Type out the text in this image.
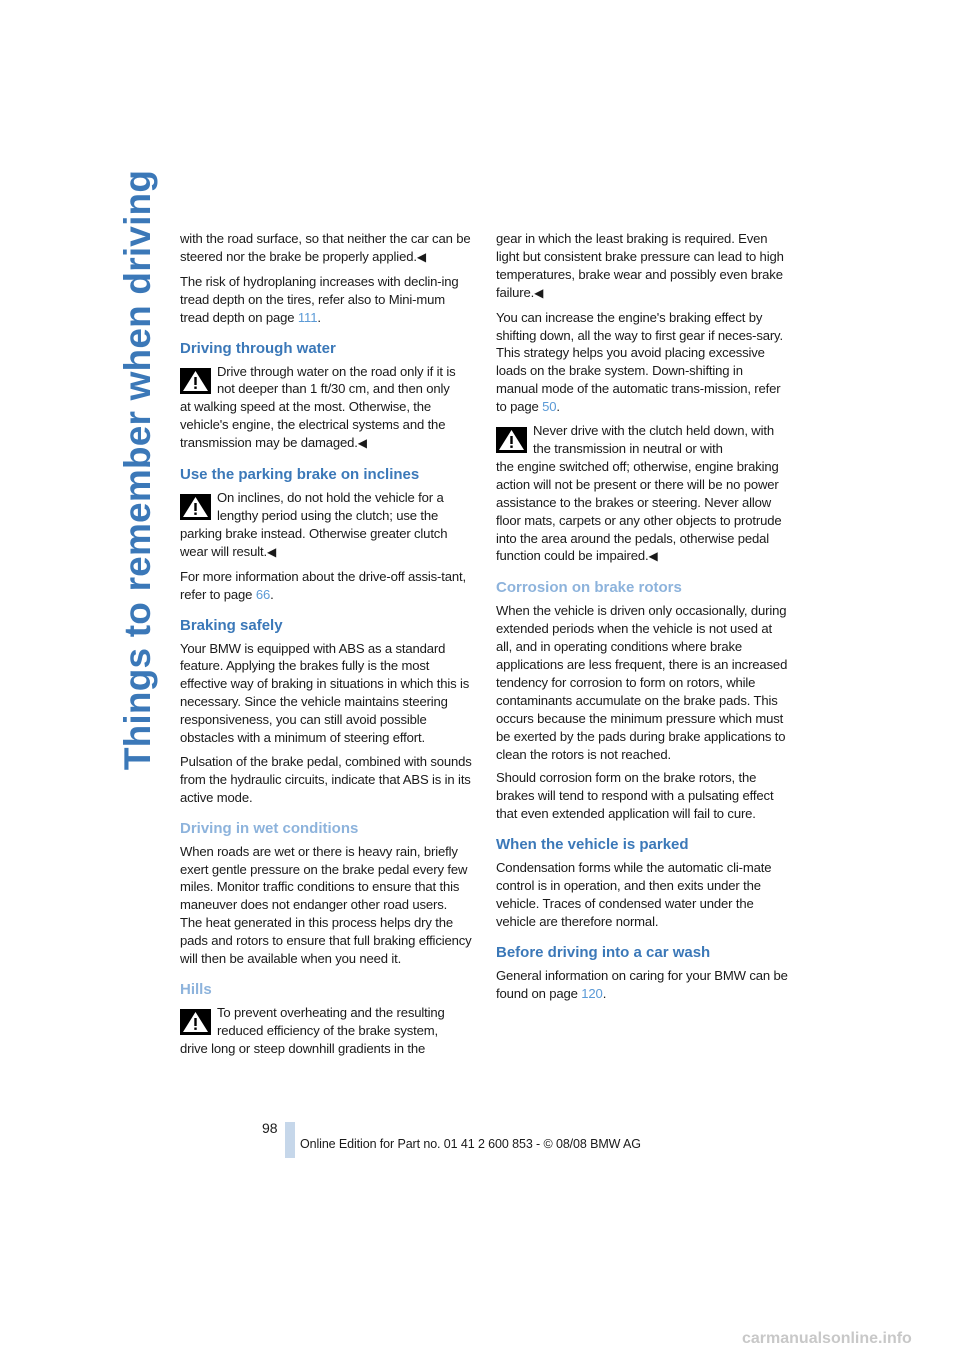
Things to remember when driving with the road surface, so that neither the car can be steered nor the brake be properly applied.◀

The risk of hydroplaning increases with declin-ing tread depth on the tires, refer also to Mini-mum tread depth on page 111.

Driving through water

Drive through water on the road only if it is not deeper than 1 ft/30 cm, and then only

at walking speed at the most. Otherwise, the vehicle's engine, the electrical systems and the transmission may be damaged.◀

Use the parking brake on inclines

On inclines, do not hold the vehicle for a lengthy period using the clutch; use the

parking brake instead. Otherwise greater clutch wear will result.◀

For more information about the drive-off assis-tant, refer to page 66.

Braking safely

Your BMW is equipped with ABS as a standard feature. Applying the brakes fully is the most effective way of braking in situations in which this is necessary. Since the vehicle maintains steering responsiveness, you can still avoid possible obstacles with a minimum of steering effort.

Pulsation of the brake pedal, combined with sounds from the hydraulic circuits, indicate that ABS is in its active mode.

Driving in wet conditions

When roads are wet or there is heavy rain, briefly exert gentle pressure on the brake pedal every few miles. Monitor traffic conditions to ensure that this maneuver does not endanger other road users. The heat generated in this process helps dry the pads and rotors to ensure that full braking efficiency will then be available when you need it.

Hills

To prevent overheating and the resulting reduced efficiency of the brake system,

drive long or steep downhill gradients in the

gear in which the least braking is required. Even light but consistent brake pressure can lead to high temperatures, brake wear and possibly even brake failure.◀

You can increase the engine's braking effect by shifting down, all the way to first gear if neces-sary. This strategy helps you avoid placing excessive loads on the brake system. Down-shifting in manual mode of the automatic trans-mission, refer to page 50.

Never drive with the clutch held down, with the transmission in neutral or with

the engine switched off; otherwise, engine braking action will not be present or there will be no power assistance to the brakes or steering. Never allow floor mats, carpets or any other objects to protrude into the area around the pedals, otherwise pedal function could be impaired.◀

Corrosion on brake rotors

When the vehicle is driven only occasionally, during extended periods when the vehicle is not used at all, and in operating conditions where brake applications are less frequent, there is an increased tendency for corrosion to form on rotors, while contaminants accumulate on the brake pads. This occurs because the minimum pressure which must be exerted by the pads during brake applications to clean the rotors is not reached.

Should corrosion form on the brake rotors, the brakes will tend to respond with a pulsating effect that even extended application will fail to cure.

When the vehicle is parked

Condensation forms while the automatic cli-mate control is in operation, and then exits under the vehicle. Traces of condensed water under the vehicle are therefore normal.

Before driving into a car wash

General information on caring for your BMW can be found on page 120.

98
Online Edition for Part no. 01 41 2 600 853 - © 08/08 BMW AG
carmanualsonline.info
